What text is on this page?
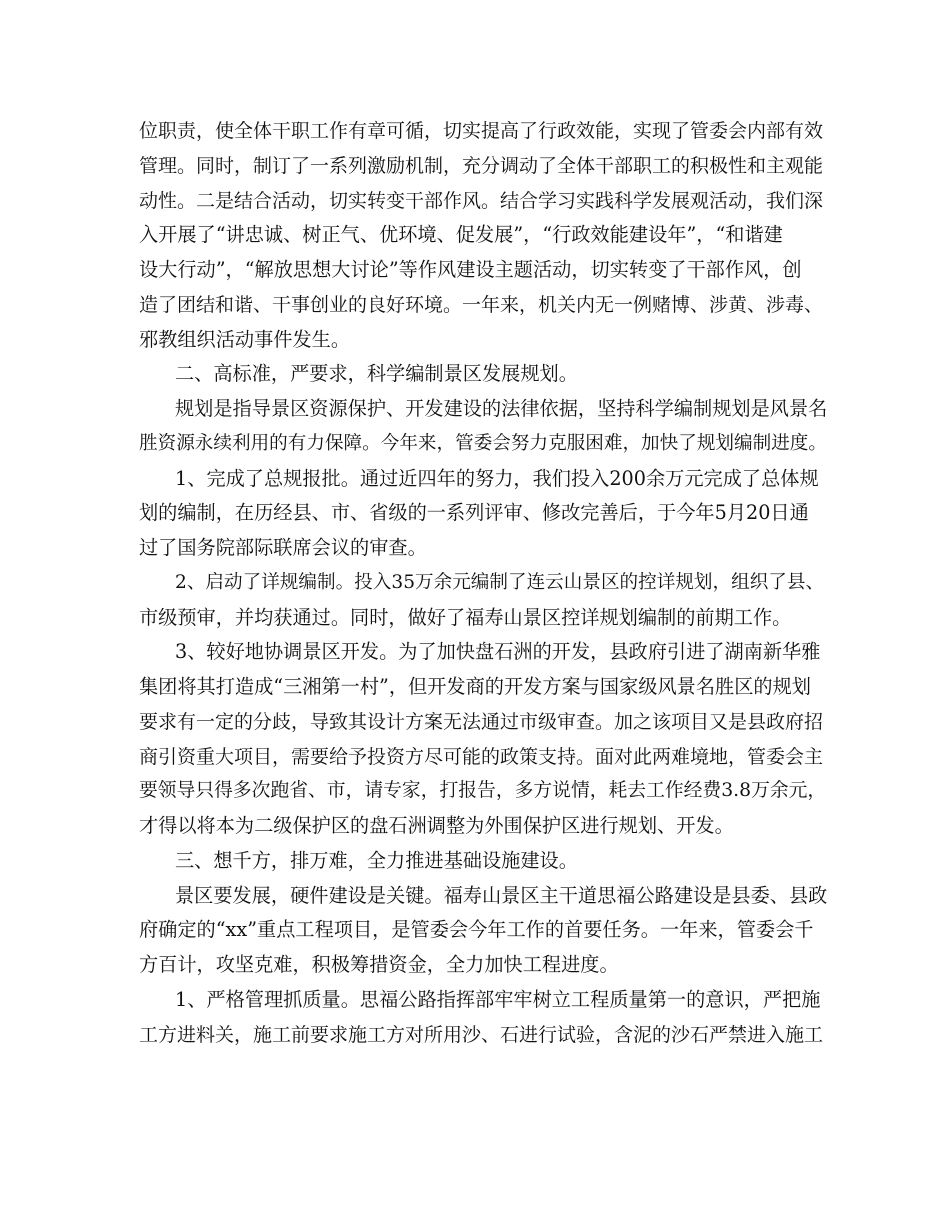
位职责，使全体干职工作有章可循，切实提高了行政效能，实现了管委会内部有效
管理。同时，制订了一系列激励机制，充分调动了全体干部职工的积极性和主观能
动性。二是结合活动，切实转变干部作风。结合学习实践科学发展观活动，我们深
入开展了“讲忠诚、树正气、优环境、促发展”，“行政效能建设年”，“和谐建
设大行动”，“解放思想大讨论”等作风建设主题活动，切实转变了干部作风，创
造了团结和谐、干事创业的良好环境。一年来，机关内无一例赌博、涉黄、涉毒、
邪教组织活动事件发生。
二、高标准，严要求，科学编制景区发展规划。
规划是指导景区资源保护、开发建设的法律依据，坚持科学编制规划是风景名
胜资源永续利用的有力保障。今年来，管委会努力克服困难，加快了规划编制进度。
1、完成了总规报批。通过近四年的努力，我们投入200余万元完成了总体规
划的编制，在历经县、市、省级的一系列评审、修改完善后，于今年5月20日通
过了国务院部际联席会议的审查。
2、启动了详规编制。投入35万余元编制了连云山景区的控详规划，组织了县、
市级预审，并均获通过。同时，做好了福寿山景区控详规划编制的前期工作。
3、较好地协调景区开发。为了加快盘石洲的开发，县政府引进了湖南新华雅
集团将其打造成“三湘第一村”，但开发商的开发方案与国家级风景名胜区的规划
要求有一定的分歧，导致其设计方案无法通过市级审查。加之该项目又是县政府招
商引资重大项目，需要给予投资方尽可能的政策支持。面对此两难境地，管委会主
要领导只得多次跑省、市，请专家，打报告，多方说情，耗去工作经费3.8万余元，
才得以将本为二级保护区的盘石洲调整为外围保护区进行规划、开发。
三、想千方，排万难，全力推进基础设施建设。
景区要发展，硬件建设是关键。福寿山景区主干道思福公路建设是县委、县政
府确定的“xx”重点工程项目，是管委会今年工作的首要任务。一年来，管委会千
方百计，攻坚克难，积极筹措资金，全力加快工程进度。
1、严格管理抓质量。思福公路指挥部牢牢树立工程质量第一的意识，严把施
工方进料关，施工前要求施工方对所用沙、石进行试验，含泥的沙石严禁进入施工
